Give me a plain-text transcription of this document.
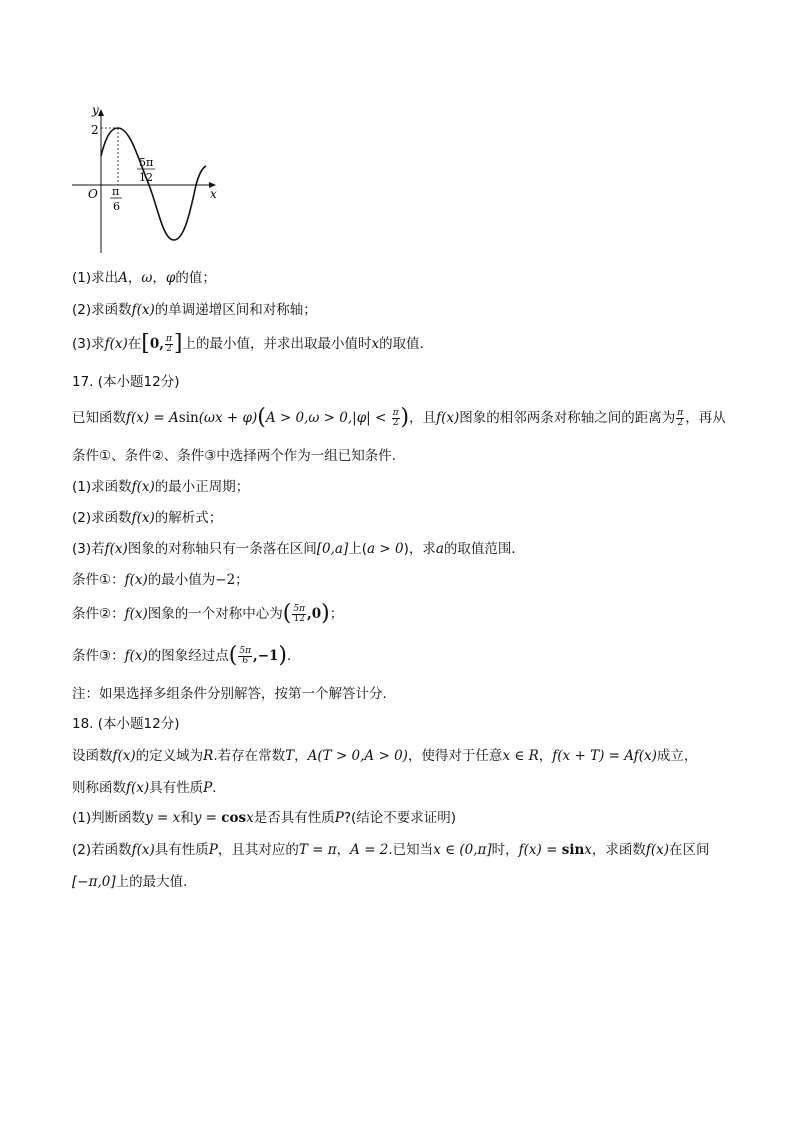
y
x
O
2
π
6
5π
12
(1)求出A，ω，φ的值；
(2)求函数f(x)的单调递增区间和对称轴；
(3)求f(x)在[0, $\frac{\pi}{2}$ ]上的最小值，并求出取最小值时x的取值．
17. (本小题12分)
已知函数$f(x) = Asin(\omega x + \varphi)(A > 0,\omega > 0,|\varphi| < \frac{\pi}{2}$ )，且f(x)图象的相邻两条对称轴之间的距离为 $\frac{\pi}{2}$ ，再从
条件①、条件②、条件③中选择两个作为一组已知条件．
(1)求函数f(x)的最小正周期；
(2)求函数f(x)的解析式；
(3)若f(x)图象的对称轴只有一条落在区间[0,a]上(a > 0)，求a的取值范围．
条件①：f(x)的最小值为−2；
条件②：f(x)图象的一个对称中心为( $\frac{5\pi}{12} ,0$)；
条件③：f(x)的图象经过点( $\frac{5\pi}{6} ,-1$)．
注：如果选择多组条件分别解答，按第一个解答计分．
18. (本小题12分)
设函数f(x)的定义域为R.若存在常数T，A(T > 0,A > 0)，使得对于任意x ∈ R，f(x + T) = Af(x)成立，
则称函数f(x)具有性质P．
(1)判断函数y = x和y = cosx是否具有性质P?(结论不要求证明)
(2)若函数f(x)具有性质P，且其对应的T = π，A = 2.已知当x ∈ (0,π]时，f(x) = sinx，求函数f(x)在区间
[−π,0]上的最大值．
